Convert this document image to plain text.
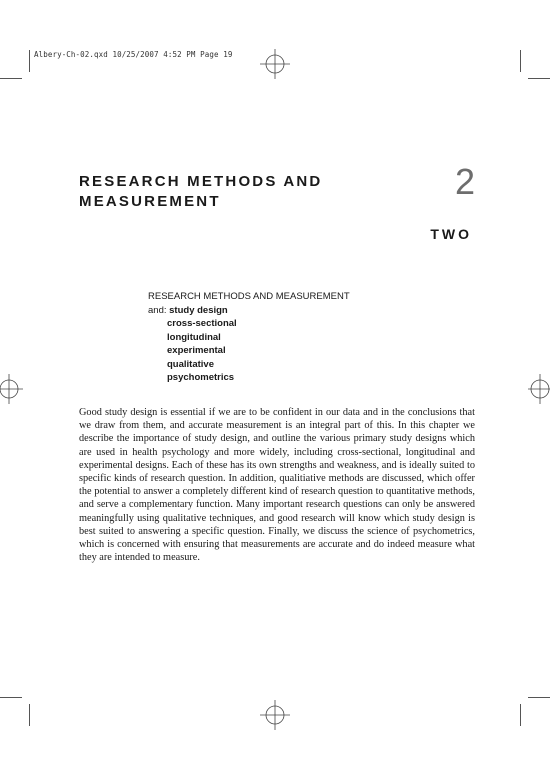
Albery-Ch-02.qxd 10/25/2007 4:52 PM Page 19
RESEARCH METHODS AND MEASUREMENT	2
TWO
RESEARCH METHODS AND MEASUREMENT
and: study design
cross-sectional
longitudinal
experimental
qualitative
psychometrics

Good study design is essential if we are to be confident in our data and in the conclusions that we draw from them, and accurate measurement is an integral part of this. In this chapter we describe the importance of study design, and outline the various primary study designs which are used in health psychology and more widely, including cross-sectional, longitudinal and experimental designs. Each of these has its own strengths and weakness, and is ideally suited to specific kinds of research question. In addition, qualitiative methods are discussed, which offer the potential to answer a completely different kind of research question to quantitative methods, and serve a complementary function. Many important research questions can only be answered meaningfully using qualitative techniques, and good research will know which study design is best suited to answering a specific question. Finally, we discuss the science of psychometrics, which is concerned with ensuring that measurements are accurate and do indeed measure what they are intended to measure.
